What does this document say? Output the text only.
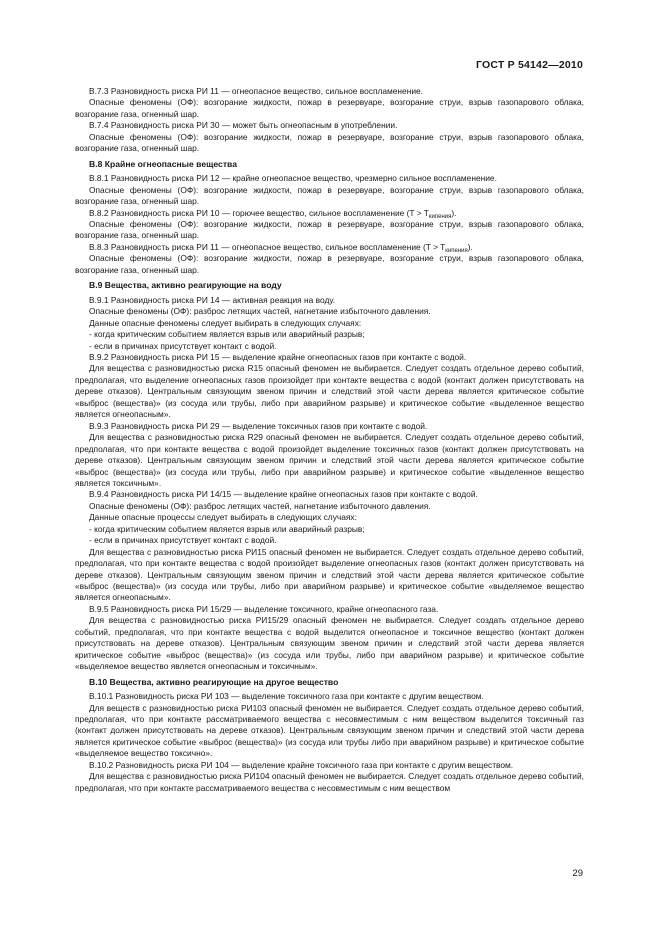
ГОСТ Р 54142—2010

В.7.3 Разновидность риска РИ 11 — огнеопасное вещество, сильное воспламенение.

Опасные феномены (ОФ): возгорание жидкости, пожар в резервуаре, возгорание струи, взрыв газопарового облака, возгорание газа, огненный шар.

В.7.4 Разновидность риска РИ 30 — может быть огнеопасным в употреблении.

Опасные феномены (ОФ): возгорание жидкости, пожар в резервуаре, возгорание струи, взрыв газопарового облака, возгорание газа, огненный шар.

В.8 Крайне огнеопасные вещества

В.8.1 Разновидность риска РИ 12 — крайне огнеопасное вещество, чрезмерно сильное воспламенение.

Опасные феномены (ОФ): возгорание жидкости, пожар в резервуаре, возгорание струи, взрыв газопарового облака, возгорание газа, огненный шар.

В.8.2 Разновидность риска РИ 10 — горючее вещество, сильное воспламенение $(T > T_{кипения})$.

Опасные феномены (ОФ): возгорание жидкости, пожар в резервуаре, возгорание струи, взрыв газопарового облака, возгорание газа, огненный шар.

В.8.3 Разновидность риска РИ 11 — огнеопасное вещество, сильное воспламенение $(T > T_{кипения})$.

Опасные феномены (ОФ): возгорание жидкости, пожар в резервуаре, возгорание струи, взрыв газопарового облака, возгорание газа, огненный шар.

В.9 Вещества, активно реагирующие на воду

В.9.1 Разновидность риска РИ 14 — активная реакция на воду.

Опасные феномены (ОФ): разброс летящих частей, нагнетание избыточного давления.

Данные опасные феномены следует выбирать в следующих случаях:

- когда критическим событием является взрыв или аварийный разрыв;

- если в причинах присутствует контакт с водой.

В.9.2 Разновидность риска РИ 15 — выделение крайне огнеопасных газов при контакте с водой.

Для вещества с разновидностью риска R15 опасный феномен не выбирается. Следует создать отдельное дерево событий, предполагая, что выделение огнеопасных газов произойдет при контакте вещества с водой (контакт должен присутствовать на дереве отказов). Центральным связующим звеном причин и следствий этой части дерева является критическое событие «выброс (вещества)» (из сосуда или трубы, либо при аварийном разрыве) и критическое событие «выделенное вещество является огнеопасным».

В.9.3 Разновидность риска РИ 29 — выделение токсичных газов при контакте с водой.

Для вещества с разновидностью риска R29 опасный феномен не выбирается. Следует создать отдельное дерево событий, предполагая, что при контакте вещества с водой произойдет выделение токсичных газов (контакт должен присутствовать на дереве отказов). Центральным связующим звеном причин и следствий этой части дерева является критическое событие «выброс (вещества)» (из сосуда или трубы, либо при аварийном разрыве) и критическое событие «выделенное вещество является токсичным».

В.9.4 Разновидность риска РИ 14/15 — выделение крайне огнеопасных газов при контакте с водой.

Опасные феномены (ОФ): разброс летящих частей, нагнетание избыточного давления.

Данные опасные процессы следует выбирать в следующих случаях:

- когда критическим событием является взрыв или аварийный разрыв;

- если в причинах присутствует контакт с водой.

Для вещества с разновидностью риска РИ15 опасный феномен не выбирается. Следует создать отдельное дерево событий, предполагая, что при контакте вещества с водой произойдет выделение огнеопасных газов (контакт должен присутствовать на дереве отказов). Центральным связующим звеном причин и следствий этой части дерева является критическое событие «выброс (вещества)» (из сосуда или трубы, либо при аварийном разрыве) и критическое событие «выделяемое вещество является огнеопасным».

В.9.5 Разновидность риска РИ 15/29 — выделение токсичного, крайне огнеопасного газа.

Для вещества с разновидностью риска РИ15/29 опасный феномен не выбирается. Следует создать отдельное дерево событий, предполагая, что при контакте вещества с водой выделится огнеопасное и токсичное вещество (контакт должен присутствовать на дереве отказов). Центральным связующим звеном причин и следствий этой части дерева является критическое событие «выброс (вещества)» (из сосуда или трубы, либо при аварийном разрыве) и критическое событие «выделяемое вещество является огнеопасным и токсичным».

В.10 Вещества, активно реагирующие на другое вещество

В.10.1 Разновидность риска РИ 103 — выделение токсичного газа при контакте с другим веществом.

Для веществ с разновидностью риска РИ103 опасный феномен не выбирается. Следует создать отдельное дерево событий, предполагая, что при контакте рассматриваемого вещества с несовместимым с ним веществом выделится токсичный газ (контакт должен присутствовать на дереве отказов). Центральным связующим звеном причин и следствий этой части дерева является критическое событие «выброс (вещества)» (из сосуда или трубы либо при аварийном разрыве) и критическое событие «выделяемое вещество токсично».

В.10.2 Разновидность риска РИ 104 — выделение крайне токсичного газа при контакте с другим веществом.

Для вещества с разновидностью риска РИ104 опасный феномен не выбирается. Следует создать отдельное дерево событий, предполагая, что при контакте рассматриваемого вещества с несовместимым с ним веществом

29
